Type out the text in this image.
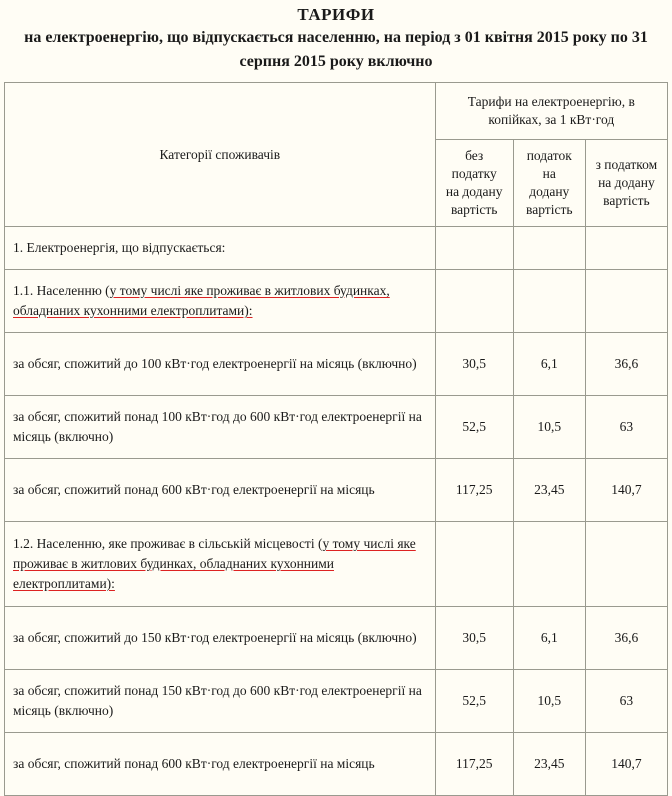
ТАРИФИ
на електроенергію, що відпускається населенню, на період з 01 квітня 2015 року по 31 серпня 2015 року включно
Категорії споживачів	Тарифи на електроенергію, в копійках, за 1 кВт·год		
	без податку на додану вартість	податок на додану вартість	з податком на додану вартість
1. Електроенергія, що відпускається:			
1.1. Населенню (у тому числі яке проживає в житлових будинках, обладнаних кухонними електроплитами):			
за обсяг, спожитий до 100 кВт·год електроенергії на місяць (включно)	30,5	6,1	36,6
за обсяг, спожитий понад 100 кВт·год до 600 кВт·год електроенергії на місяць (включно)	52,5	10,5	63
за обсяг, спожитий понад 600 кВт·год електроенергії на місяць	117,25	23,45	140,7
1.2. Населенню, яке проживає в сільській місцевості (у тому числі яке проживає в житлових будинках, обладнаних кухонними електроплитами):			
за обсяг, спожитий до 150 кВт·год електроенергії на місяць (включно)	30,5	6,1	36,6
за обсяг, спожитий понад 150 кВт·год до 600 кВт·год електроенергії на місяць (включно)	52,5	10,5	63
за обсяг, спожитий понад 600 кВт·год електроенергії на місяць	117,25	23,45	140,7
